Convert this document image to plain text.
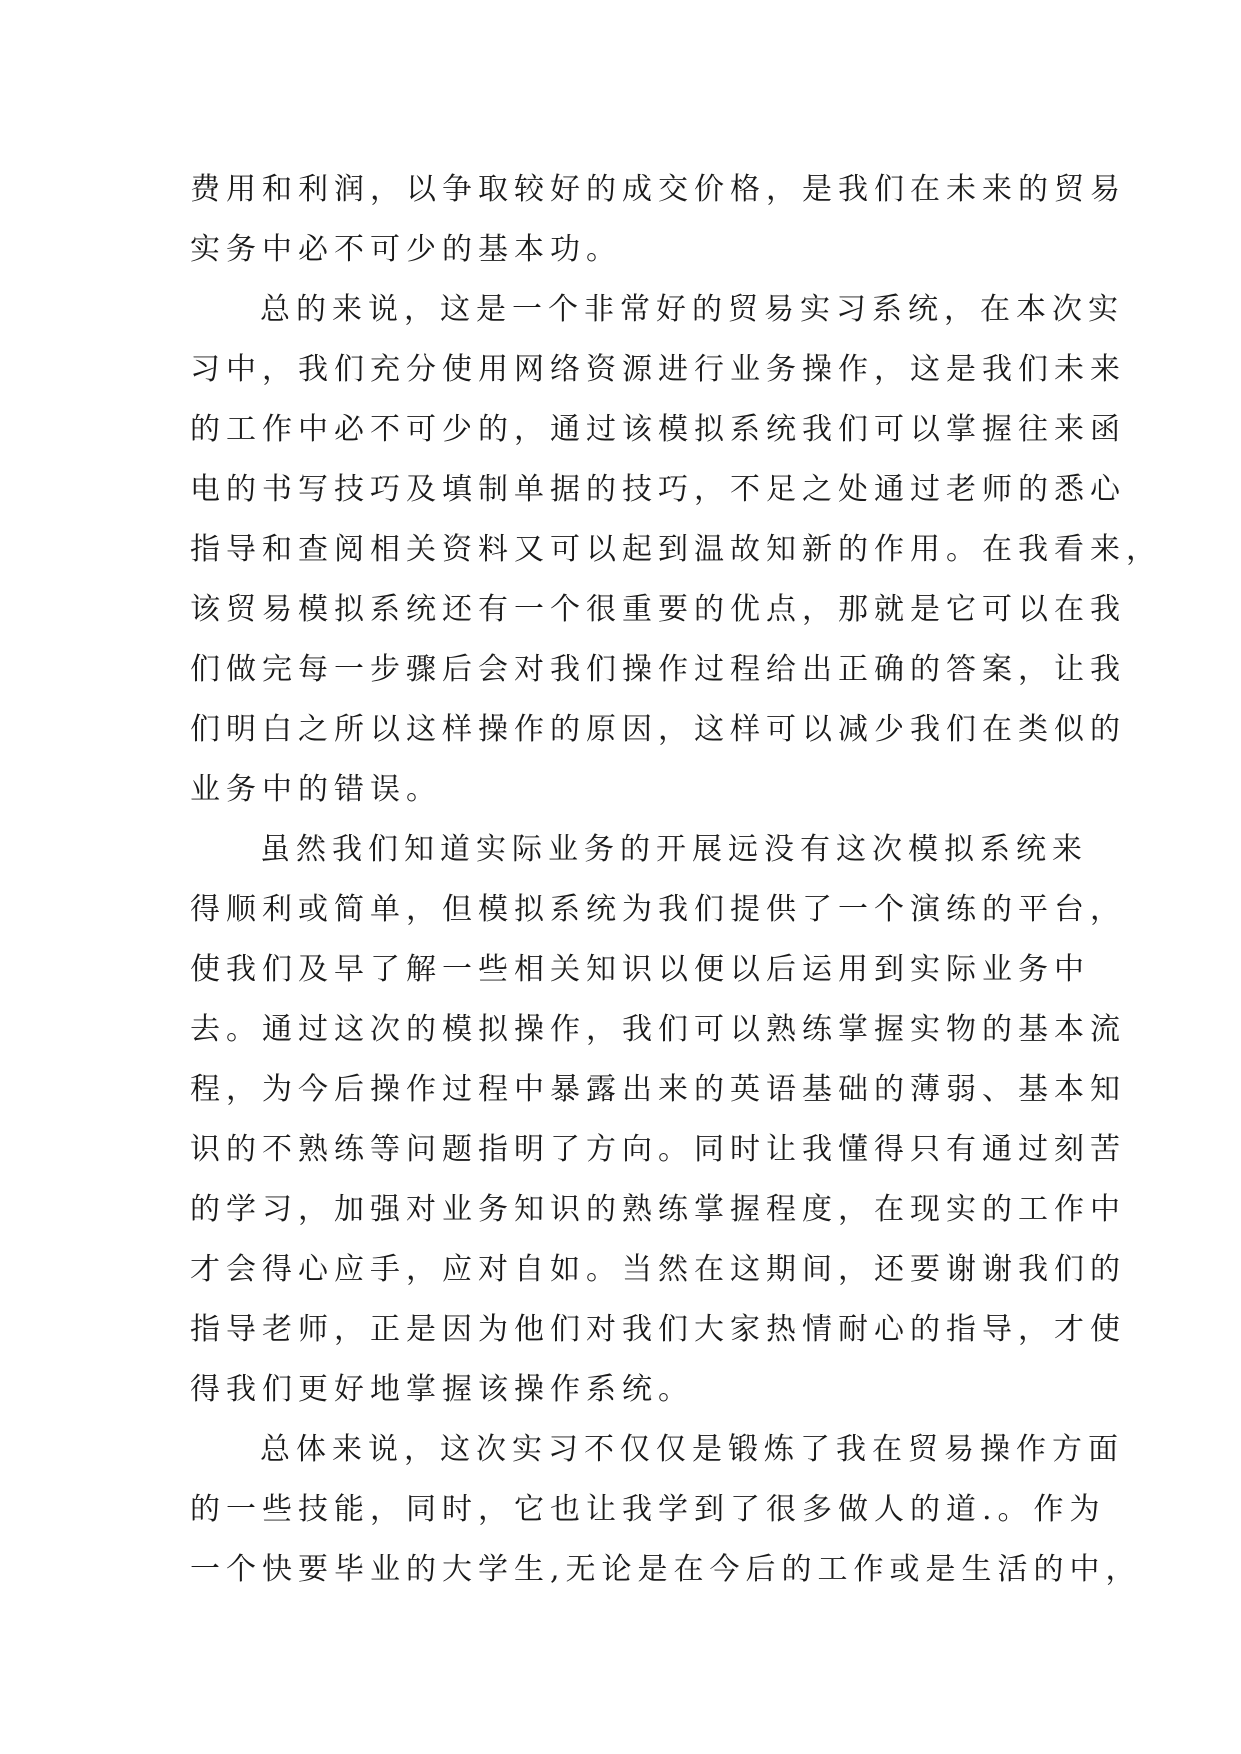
费用和利润，以争取较好的成交价格，是我们在未来的贸易
实务中必不可少的基本功。
总的来说，这是一个非常好的贸易实习系统，在本次实
习中，我们充分使用网络资源进行业务操作，这是我们未来
的工作中必不可少的，通过该模拟系统我们可以掌握往来函
电的书写技巧及填制单据的技巧，不足之处通过老师的悉心
指导和查阅相关资料又可以起到温故知新的作用。在我看来，
该贸易模拟系统还有一个很重要的优点，那就是它可以在我
们做完每一步骤后会对我们操作过程给出正确的答案，让我
们明白之所以这样操作的原因，这样可以减少我们在类似的
业务中的错误。
虽然我们知道实际业务的开展远没有这次模拟系统来
得顺利或简单，但模拟系统为我们提供了一个演练的平台，
使我们及早了解一些相关知识以便以后运用到实际业务中
去。通过这次的模拟操作，我们可以熟练掌握实物的基本流
程，为今后操作过程中暴露出来的英语基础的薄弱、基本知
识的不熟练等问题指明了方向。同时让我懂得只有通过刻苦
的学习，加强对业务知识的熟练掌握程度，在现实的工作中
才会得心应手，应对自如。当然在这期间，还要谢谢我们的
指导老师，正是因为他们对我们大家热情耐心的指导，才使
得我们更好地掌握该操作系统。
总体来说，这次实习不仅仅是锻炼了我在贸易操作方面
的一些技能，同时，它也让我学到了很多做人的道.。作为
一个快要毕业的大学生,无论是在今后的工作或是生活的中，
